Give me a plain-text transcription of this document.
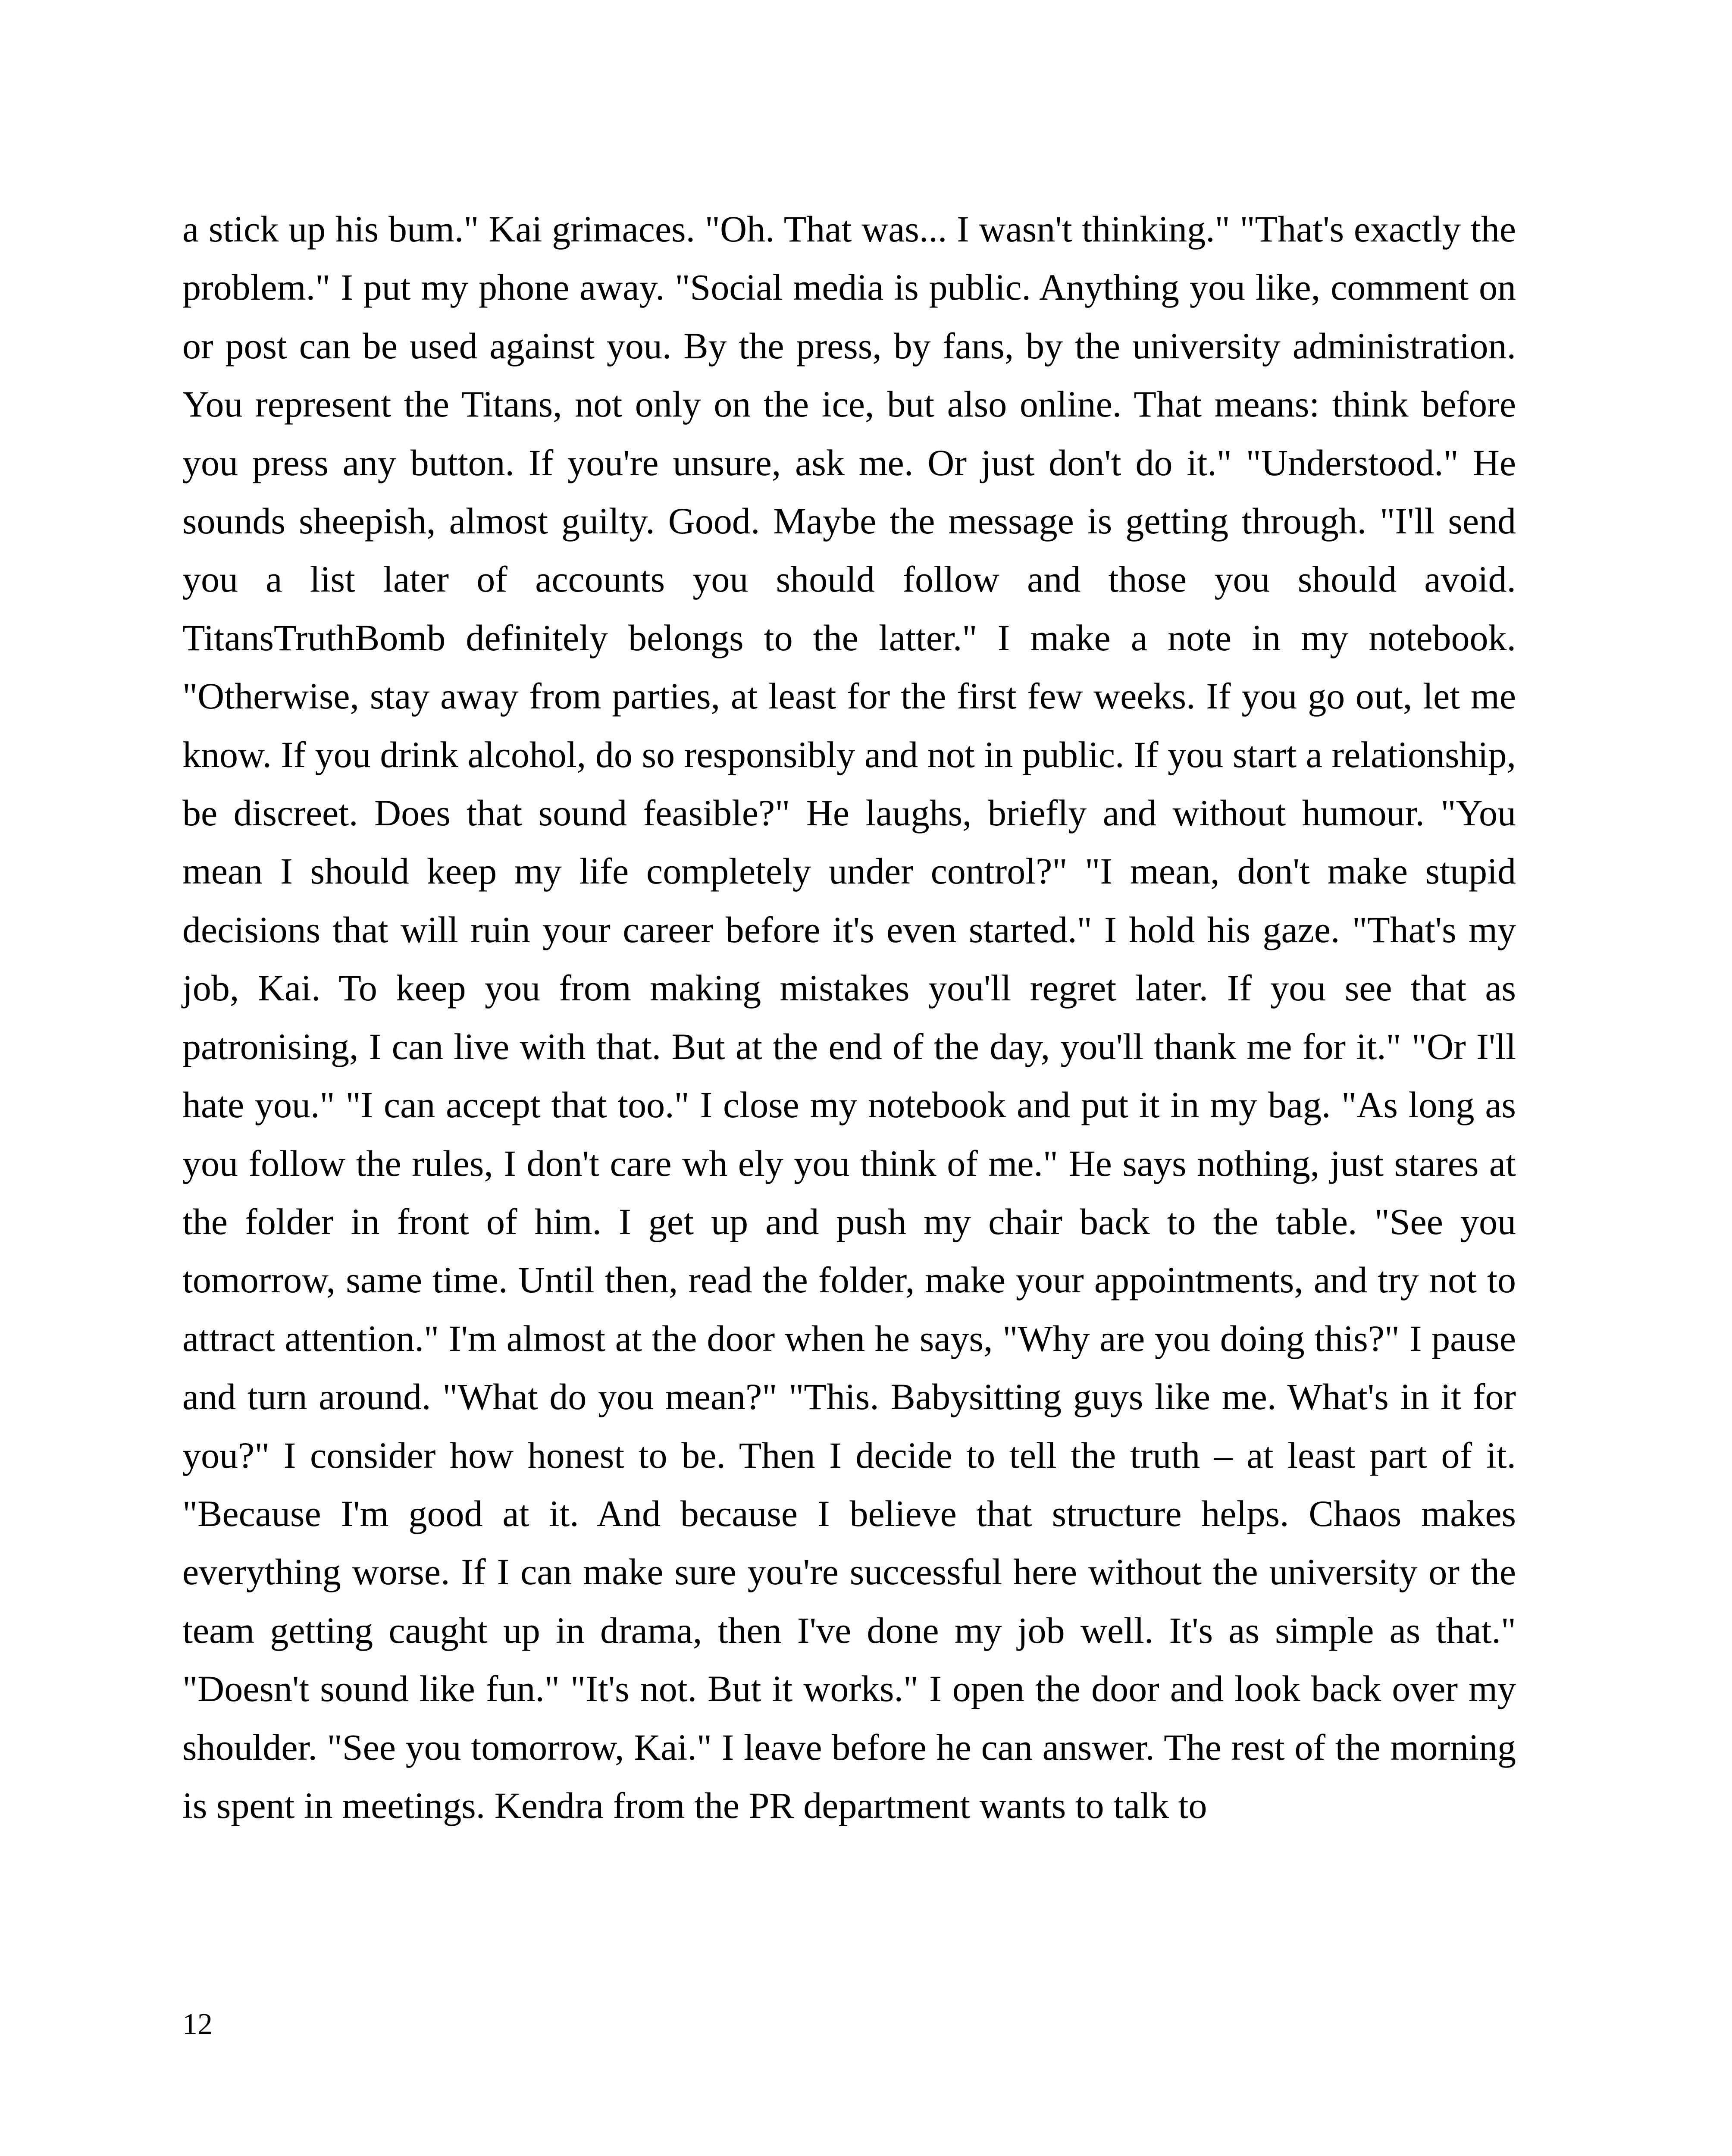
a stick up his bum." Kai grimaces. "Oh. That was... I wasn't thinking." "That's exactly the problem." I put my phone away. "Social media is public. Anything you like, comment on or post can be used against you. By the press, by fans, by the university administration. You represent the Titans, not only on the ice, but also online. That means: think before you press any button. If you're unsure, ask me. Or just don't do it." "Understood." He sounds sheepish, almost guilty. Good. Maybe the message is getting through. "I'll send you a list later of accounts you should follow and those you should avoid. TitansTruthBomb definitely belongs to the latter." I make a note in my notebook. "Otherwise, stay away from parties, at least for the first few weeks. If you go out, let me know. If you drink alcohol, do so responsibly and not in public. If you start a relationship, be discreet. Does that sound feasible?" He laughs, briefly and without humour. "You mean I should keep my life completely under control?" "I mean, don't make stupid decisions that will ruin your career before it's even started." I hold his gaze. "That's my job, Kai. To keep you from making mistakes you'll regret later. If you see that as patronising, I can live with that. But at the end of the day, you'll thank me for it." "Or I'll hate you." "I can accept that too." I close my notebook and put it in my bag. "As long as you follow the rules, I don't care wh ely you think of me." He says nothing, just stares at the folder in front of him. I get up and push my chair back to the table. "See you tomorrow, same time. Until then, read the folder, make your appointments, and try not to attract attention." I'm almost at the door when he says, "Why are you doing this?" I pause and turn around. "What do you mean?" "This. Babysitting guys like me. What's in it for you?" I consider how honest to be. Then I decide to tell the truth – at least part of it. "Because I'm good at it. And because I believe that structure helps. Chaos makes everything worse. If I can make sure you're successful here without the university or the team getting caught up in drama, then I've done my job well. It's as simple as that." "Doesn't sound like fun." "It's not. But it works." I open the door and look back over my shoulder. "See you tomorrow, Kai." I leave before he can answer. The rest of the morning is spent in meetings. Kendra from the PR department wants to talk to

12
